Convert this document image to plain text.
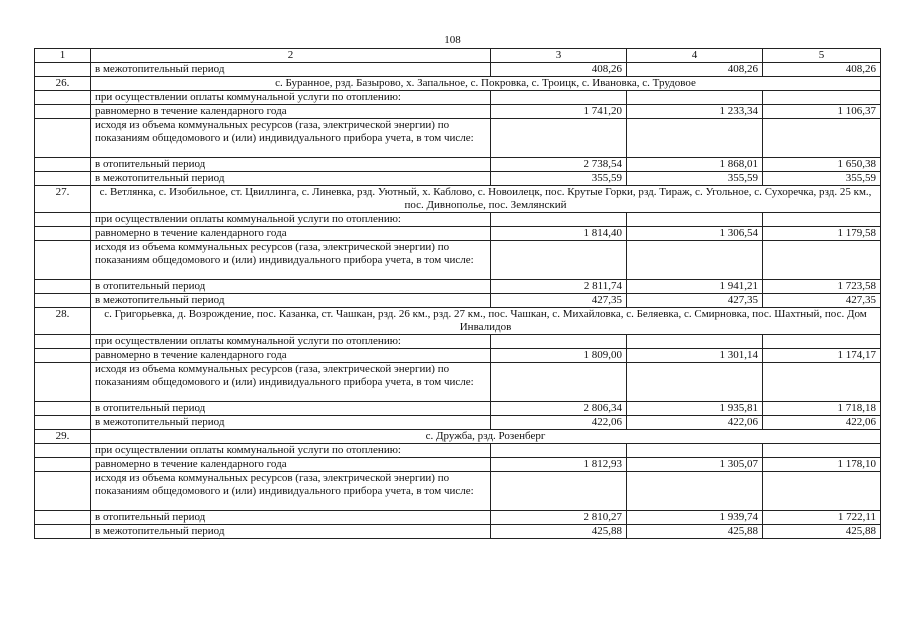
108
1	2	3	4	5
	в межотопительный период	408,26	408,26	408,26
26.	с. Буранное, рзд. Базырово, х. Запальное, с. Покровка, с. Троицк, с. Ивановка, с. Трудовое			
	при осуществлении оплаты коммунальной услуги по отоплению:			
	равномерно в течение календарного года	1 741,20	1 233,34	1 106,37
	исходя из объема коммунальных ресурсов (газа, электрической энергии) по показаниям общедомового и (или) индивидуального прибора учета, в том числе:			
	в отопительный период	2 738,54	1 868,01	1 650,38
	в межотопительный период	355,59	355,59	355,59
27.	с. Ветлянка, с. Изобильное, ст. Цвиллинга, с. Линевка, рзд. Уютный, х. Каблово, с. Новоилецк, пос. Крутые Горки, рзд. Тираж, с. Угольное, с. Сухоречка, рзд. 25 км., пос. Дивнополье, пос. Землянский			
	при осуществлении оплаты коммунальной услуги по отоплению:			
	равномерно в течение календарного года	1 814,40	1 306,54	1 179,58
	исходя из объема коммунальных ресурсов (газа, электрической энергии) по показаниям общедомового и (или) индивидуального прибора учета, в том числе:			
	в отопительный период	2 811,74	1 941,21	1 723,58
	в межотопительный период	427,35	427,35	427,35
28.	с. Григорьевка, д. Возрождение, пос. Казанка, ст. Чашкан, рзд. 26 км., рзд. 27 км., пос. Чашкан, с. Михайловка, с. Беляевка, с. Смирновка, пос. Шахтный, пос. Дом Инвалидов			
	при осуществлении оплаты коммунальной услуги по отоплению:			
	равномерно в течение календарного года	1 809,00	1 301,14	1 174,17
	исходя из объема коммунальных ресурсов (газа, электрической энергии) по показаниям общедомового и (или) индивидуального прибора учета, в том числе:			
	в отопительный период	2 806,34	1 935,81	1 718,18
	в межотопительный период	422,06	422,06	422,06
29.	с. Дружба, рзд. Розенберг			
	при осуществлении оплаты коммунальной услуги по отоплению:			
	равномерно в течение календарного года	1 812,93	1 305,07	1 178,10
	исходя из объема коммунальных ресурсов (газа, электрической энергии) по показаниям общедомового и (или) индивидуального прибора учета, в том числе:			
	в отопительный период	2 810,27	1 939,74	1 722,11
	в межотопительный период	425,88	425,88	425,88
